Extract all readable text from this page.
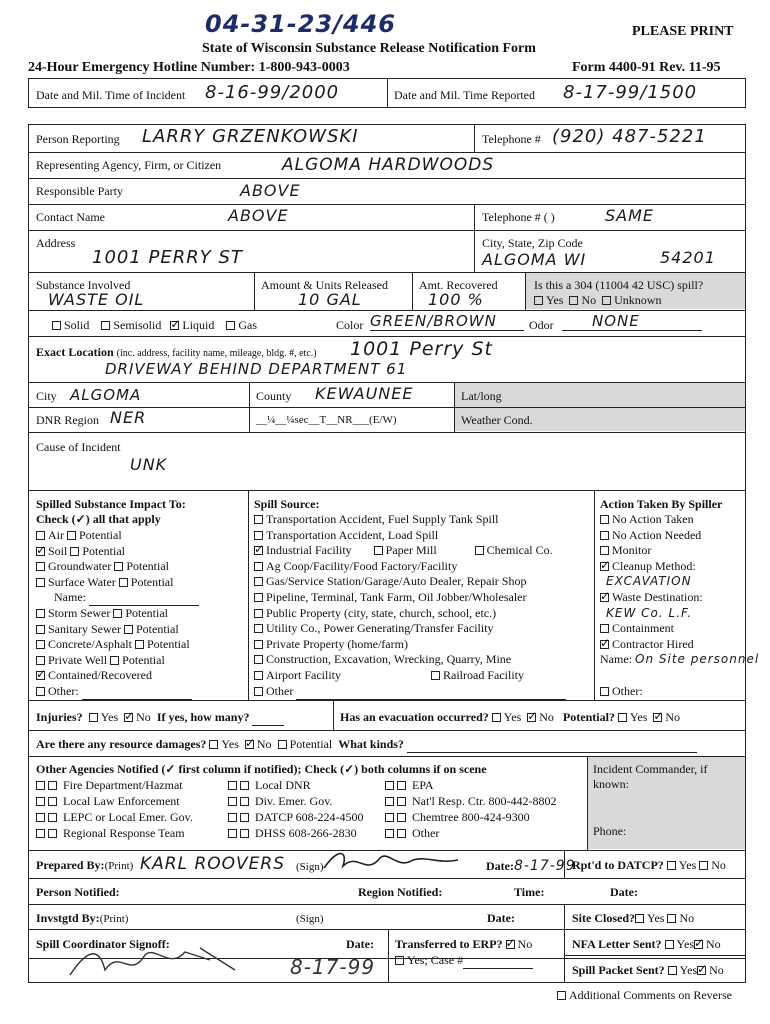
04-31-23/446	PLEASE PRINT
State of Wisconsin Substance Release Notification Form
24-Hour Emergency Hotline Number: 1-800-943-0003	Form 4400-91 Rev. 11-95
Date and Mil. Time of Incident 8-16-99/2000	Date and Mil. Time Reported 8-17-99/1500
Person Reporting LARRY GRZENKOWSKI	Telephone # (920) 487-5221
Representing Agency, Firm, or Citizen	ALGOMA HARDWOODS
Responsible Party	ABOVE
Contact Name	ABOVE	Telephone # ( )	SAME
Address
1001 PERRY ST
City, State, Zip Code
ALGOMA WI	54201
Substance Involved
WASTE OIL
Amount & Units Released
10 GAL
Amt. Recovered
100 %
Is this a 304 (11004 42 USC) spill?
Yes No Unknown
Solid Semisolid ✓ Liquid Gas	Color GREEN/BROWN	Odor	NONE
Exact Location (inc. address, facility name, mileage, bldg. #, etc.) 1001 Perry St
DRIVEWAY BEHIND DEPARTMENT 61
City ALGOMA	County KEWAUNEE	Lat/long
DNR Region NER	__¼__¼sec__T__NR___(E/W)	Weather Cond.
Cause of Incident
UNK
Spilled Substance Impact To:
Check (✓) all that apply
Air Potential
✓Soil Potential
Groundwater Potential
Surface Water Potential
Name:
Storm Sewer Potential
Sanitary Sewer Potential
Concrete/Asphalt Potential
Private Well Potential
✓Contained/Recovered
Other:
Spill Source:
Transportation Accident, Fuel Supply Tank Spill
Transportation Accident, Load Spill
✓Industrial Facility	Paper Mill	Chemical Co.
Ag Coop/Facility/Food Factory/Facility
Gas/Service Station/Garage/Auto Dealer, Repair Shop
Pipeline, Terminal, Tank Farm, Oil Jobber/Wholesaler
Public Property (city, state, church, school, etc.)
Utility Co., Power Generating/Transfer Facility
Private Property (home/farm)
Construction, Excavation, Wrecking, Quarry, Mine
Airport Facility	Railroad Facility
Other
Action Taken By Spiller
No Action Taken
No Action Needed
Monitor
✓Cleanup Method:
EXCAVATION
✓Waste Destination:
KEW Co. L.F.
Containment
✓Contractor Hired
Name: On Site personnel

Other:
Injuries? Yes ✓ No If yes, how many?	Has an evacuation occurred? Yes ✓ No Potential? Yes ✓ No
Are there any resource damages? Yes ✓ No Potential What kinds?
Other Agencies Notified (✓ first column if notified); Check (✓) both columns if on scene
Fire Department/Hazmat
Local Law Enforcement
LEPC or Local Emer. Gov.
Regional Response Team
Local DNR
Div. Emer. Gov.
DATCP 608-224-4500
DHSS 608-266-2830
EPA
Nat'l Resp. Ctr. 800-442-8802
Chemtree 800-424-9300
Other
Incident Commander, if known:
Phone:
Prepared By:(Print) KARL ROOVERS (Sign)	Date:8-17-99
Rpt'd to DATCP? Yes No
Person Notified:	Region Notified:	Time:	Date:
Invstgtd By:(Print)	(Sign)	Date:	Site Closed? Yes No
Spill Coordinator Signoff:	Date:
8-17-99
Transferred to ERP? ✓ No
Yes; Case #
NFA Letter Sent? Yes ✓ No
Spill Packet Sent? Yes ✓ No
Additional Comments on Reverse
